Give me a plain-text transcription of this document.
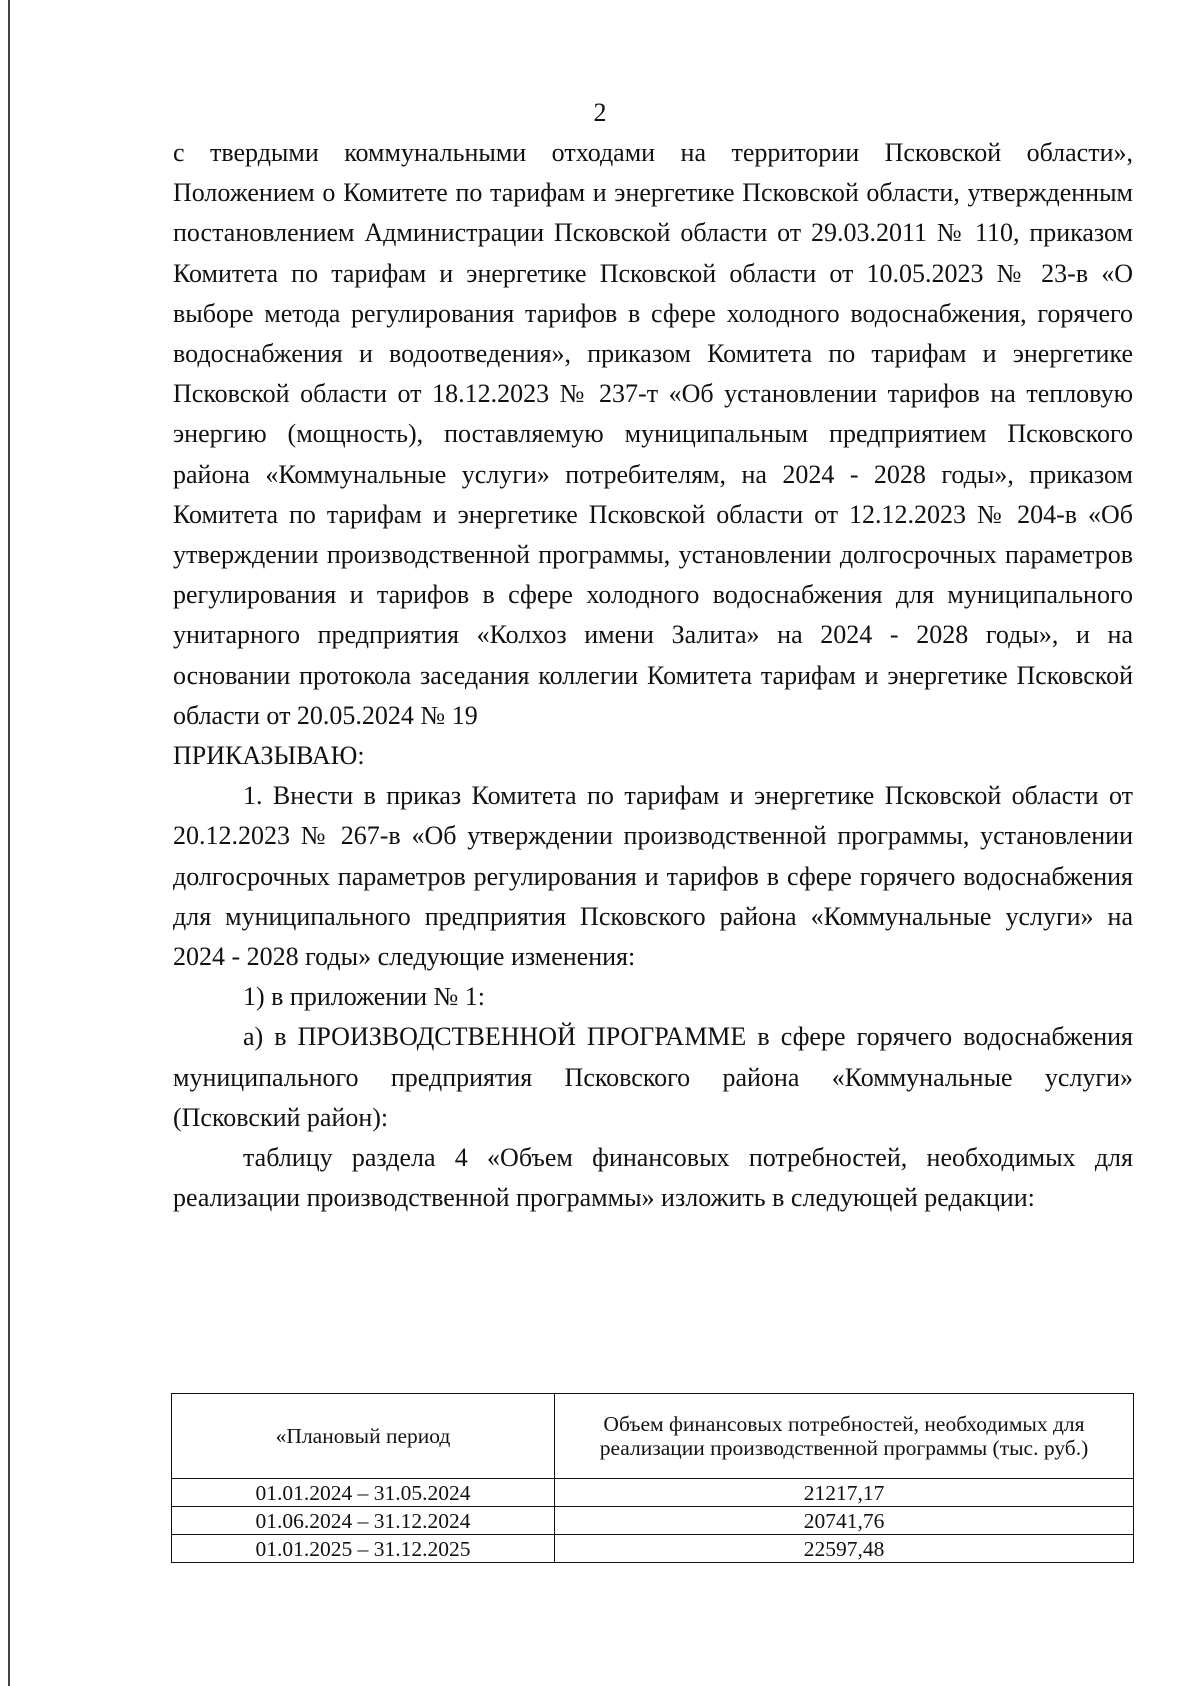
2

с твердыми коммунальными отходами на территории Псковской области», Положением о Комитете по тарифам и энергетике Псковской области, утвержденным постановлением Администрации Псковской области от 29.03.2011 № 110, приказом Комитета по тарифам и энергетике Псковской области от 10.05.2023 № 23-в «О выборе метода регулирования тарифов в сфере холодного водоснабжения, горячего водоснабжения и водоотведения», приказом Комитета по тарифам и энергетике Псковской области от 18.12.2023 № 237-т «Об установлении тарифов на тепловую энергию (мощность), поставляемую муниципальным предприятием Псковского района «Коммунальные услуги» потребителям, на 2024 - 2028 годы», приказом Комитета по тарифам и энергетике Псковской области от 12.12.2023 № 204-в «Об утверждении производственной программы, установлении долгосрочных параметров регулирования и тарифов в сфере холодного водоснабжения для муниципального унитарного предприятия «Колхоз имени Залита» на 2024 - 2028 годы», и на основании протокола заседания коллегии Комитета тарифам и энергетике Псковской области от 20.05.2024 № 19

ПРИКАЗЫВАЮ:

1. Внести в приказ Комитета по тарифам и энергетике Псковской области от 20.12.2023 № 267-в «Об утверждении производственной программы, установлении долгосрочных параметров регулирования и тарифов в сфере горячего водоснабжения для муниципального предприятия Псковского района «Коммунальные услуги» на 2024 - 2028 годы» следующие изменения:

1) в приложении № 1:

а) в ПРОИЗВОДСТВЕННОЙ ПРОГРАММЕ в сфере горячего водоснабжения муниципального предприятия Псковского района «Коммунальные услуги» (Псковский район):

таблицу раздела 4 «Объем финансовых потребностей, необходимых для реализации производственной программы» изложить в следующей редакции:

«Плановый период	Объем финансовых потребностей, необходимых для реализации производственной программы (тыс. руб.)
01.01.2024 – 31.05.2024	21217,17
01.06.2024 – 31.12.2024	20741,76
01.01.2025 – 31.12.2025	22597,48
